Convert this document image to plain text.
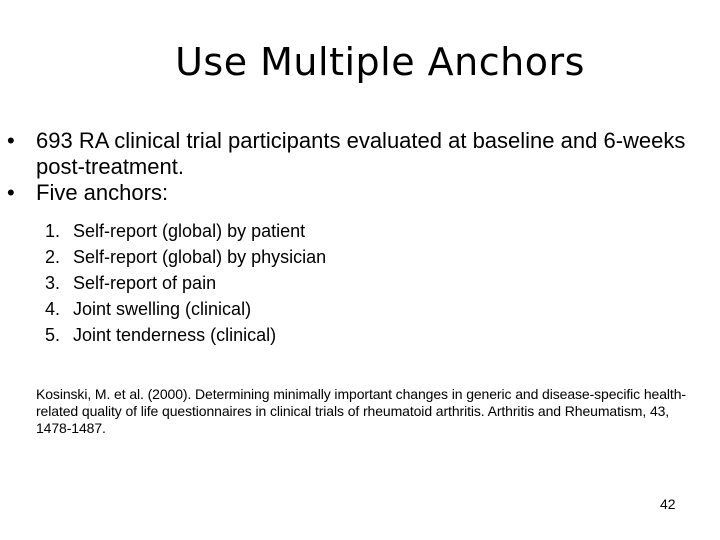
Use Multiple Anchors
• 693 RA clinical trial participants evaluated at baseline and 6-weeks post-treatment.
• Five anchors:
1. Self-report (global) by patient
2. Self-report (global) by physician
3. Self-report of pain
4. Joint swelling (clinical)
5. Joint tenderness (clinical)
Kosinski, M. et al. (2000). Determining minimally important changes in generic and disease-specific health-related quality of life questionnaires in clinical trials of rheumatoid arthritis. Arthritis and Rheumatism, 43, 1478-1487.
42
